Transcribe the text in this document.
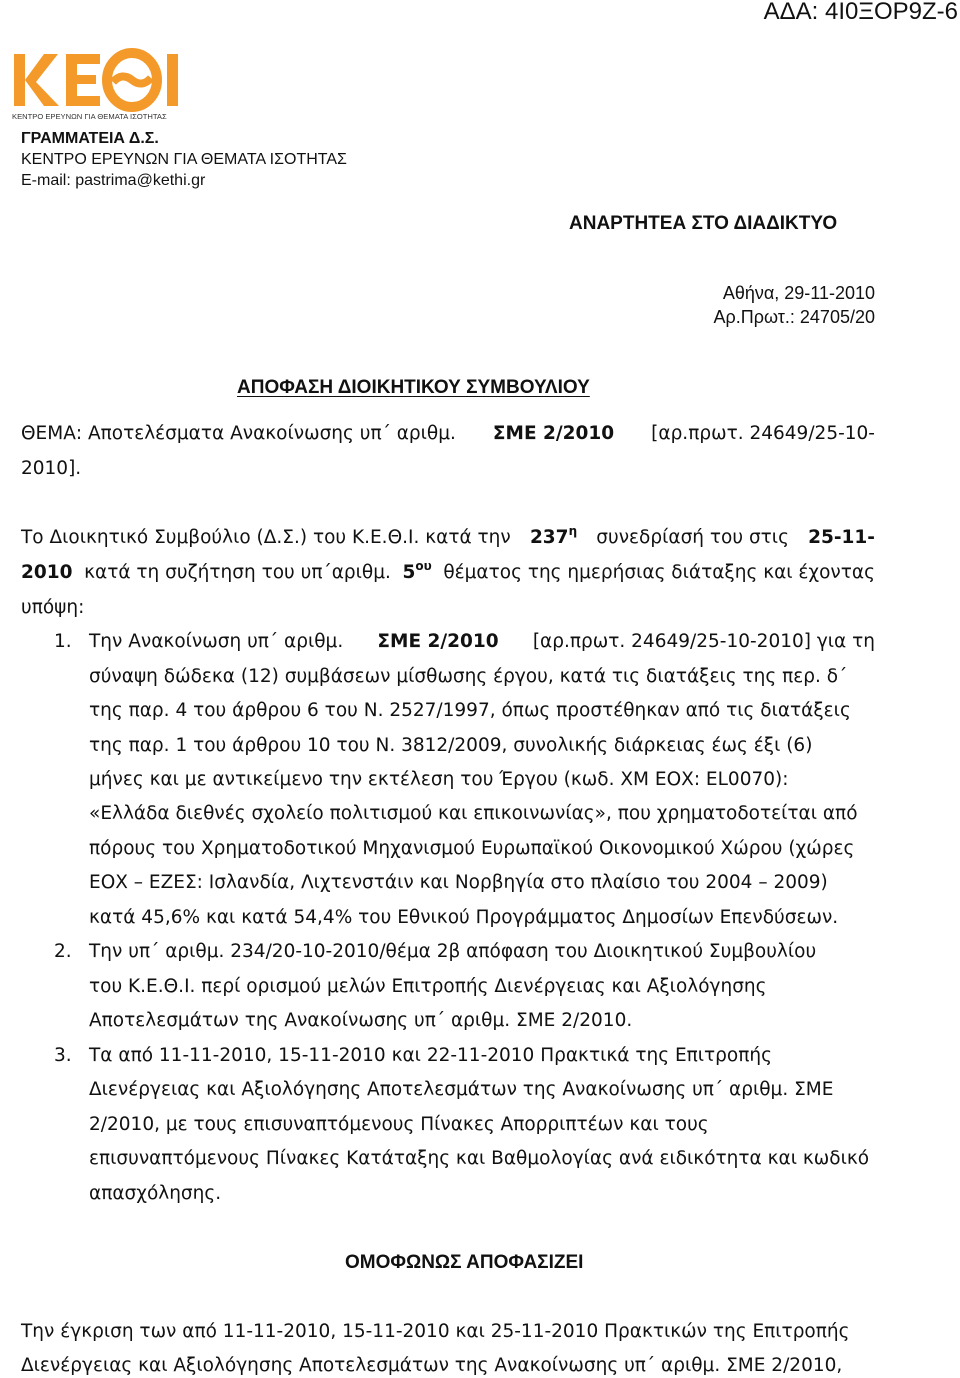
ΑΔΑ: 4Ι0ΞΟΡ9Ζ-6
ΚΕΝΤΡΟ ΕΡΕΥΝΩΝ ΓΙΑ ΘΕΜΑΤΑ ΙΣΟΤΗΤΑΣ
ΓΡΑΜΜΑΤΕΙΑ Δ.Σ.
ΚΕΝΤΡΟ ΕΡΕΥΝΩΝ ΓΙΑ ΘΕΜΑΤΑ ΙΣΟΤΗΤΑΣ
E-mail: pastrima@kethi.gr
ΑΝΑΡΤΗΤΕΑ ΣΤΟ ΔΙΑΔΙΚΤΥΟ
Αθήνα, 29-11-2010
Αρ.Πρωτ.: 24705/20
ΑΠΟΦΑΣΗ ΔΙΟΙΚΗΤΙΚΟΥ ΣΥΜΒΟΥΛΙΟΥ
ΘΕΜΑ: Αποτελέσματα Ανακοίνωσης υπ΄ αριθμ. ΣΜΕ 2/2010 [αρ.πρωτ. 24649/25-10-
2010].
Το Διοικητικό Συμβούλιο (Δ.Σ.) του Κ.Ε.Θ.Ι. κατά την $237^\eta$ συνεδρίασή του στις 25-11-
2010 κατά τη συζήτηση του υπ΄αριθμ. $5^{o\upsilon}$ θέματος της ημερήσιας διάταξης και έχοντας
υπόψη:
1. Την Ανακοίνωση υπ΄ αριθμ. ΣΜΕ 2/2010 [αρ.πρωτ. 24649/25-10-2010] για τη
σύναψη δώδεκα (12) συμβάσεων μίσθωσης έργου, κατά τις διατάξεις της περ. δ΄
της παρ. 4 του άρθρου 6 του Ν. 2527/1997, όπως προστέθηκαν από τις διατάξεις
της παρ. 1 του άρθρου 10 του Ν. 3812/2009, συνολικής διάρκειας έως έξι (6)
μήνες και με αντικείμενο την εκτέλεση του Έργου (κωδ. ΧΜ ΕΟΧ: EL0070):
«Ελλάδα διεθνές σχολείο πολιτισμού και επικοινωνίας», που χρηματοδοτείται από
πόρους του Χρηματοδοτικού Μηχανισμού Ευρωπαϊκού Οικονομικού Χώρου (χώρες
ΕΟΧ – ΕΖΕΣ: Ισλανδία, Λιχτενστάιν και Νορβηγία στο πλαίσιο του 2004 – 2009)
κατά 45,6% και κατά 54,4% του Εθνικού Προγράμματος Δημοσίων Επενδύσεων.
2. Την υπ΄ αριθμ. 234/20-10-2010/θέμα 2β απόφαση του Διοικητικού Συμβουλίου
του Κ.Ε.Θ.Ι. περί ορισμού μελών Επιτροπής Διενέργειας και Αξιολόγησης
Αποτελεσμάτων της Ανακοίνωσης υπ΄ αριθμ. ΣΜΕ 2/2010.
3. Τα από 11-11-2010, 15-11-2010 και 22-11-2010 Πρακτικά της Επιτροπής
Διενέργειας και Αξιολόγησης Αποτελεσμάτων της Ανακοίνωσης υπ΄ αριθμ. ΣΜΕ
2/2010, με τους επισυναπτόμενους Πίνακες Απορριπτέων και τους
επισυναπτόμενους Πίνακες Κατάταξης και Βαθμολογίας ανά ειδικότητα και κωδικό
απασχόλησης.
ΟΜΟΦΩΝΩΣ ΑΠΟΦΑΣΙΖΕΙ
Την έγκριση των από 11-11-2010, 15-11-2010 και 25-11-2010 Πρακτικών της Επιτροπής
Διενέργειας και Αξιολόγησης Αποτελεσμάτων της Ανακοίνωσης υπ΄ αριθμ. ΣΜΕ 2/2010,
